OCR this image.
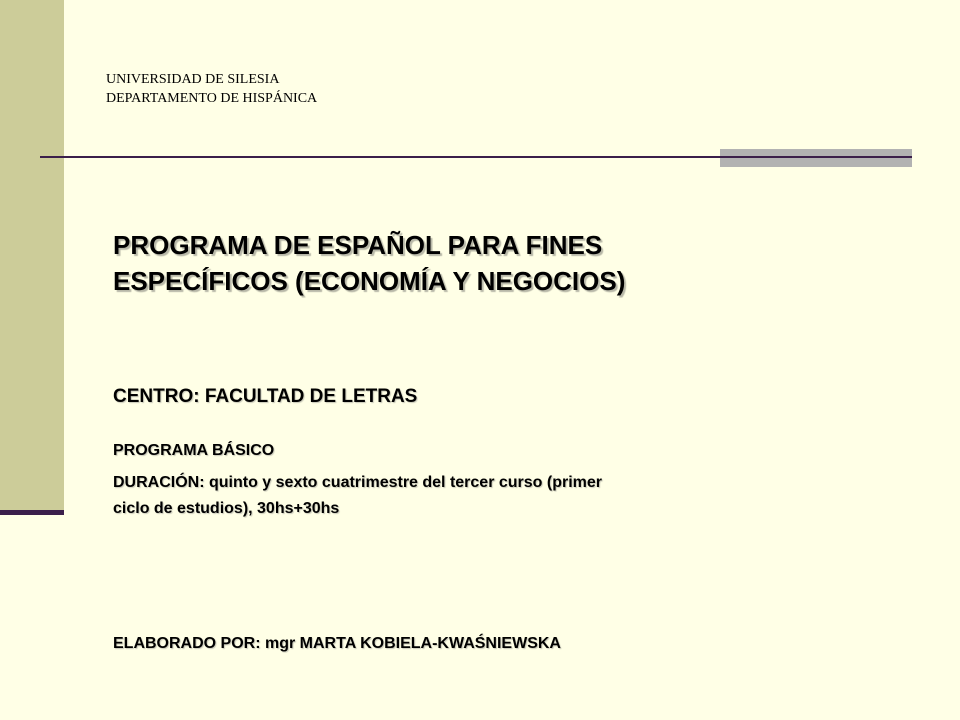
UNIVERSIDAD DE SILESIA
DEPARTAMENTO DE HISPÁNICA
PROGRAMA DE ESPAÑOL PARA FINES
ESPECÍFICOS (ECONOMÍA Y NEGOCIOS)
CENTRO: FACULTAD DE LETRAS
PROGRAMA BÁSICO
DURACIÓN: quinto y sexto cuatrimestre del tercer curso (primer
ciclo de estudios), 30hs+30hs
ELABORADO POR: mgr MARTA KOBIELA-KWAŚNIEWSKA
